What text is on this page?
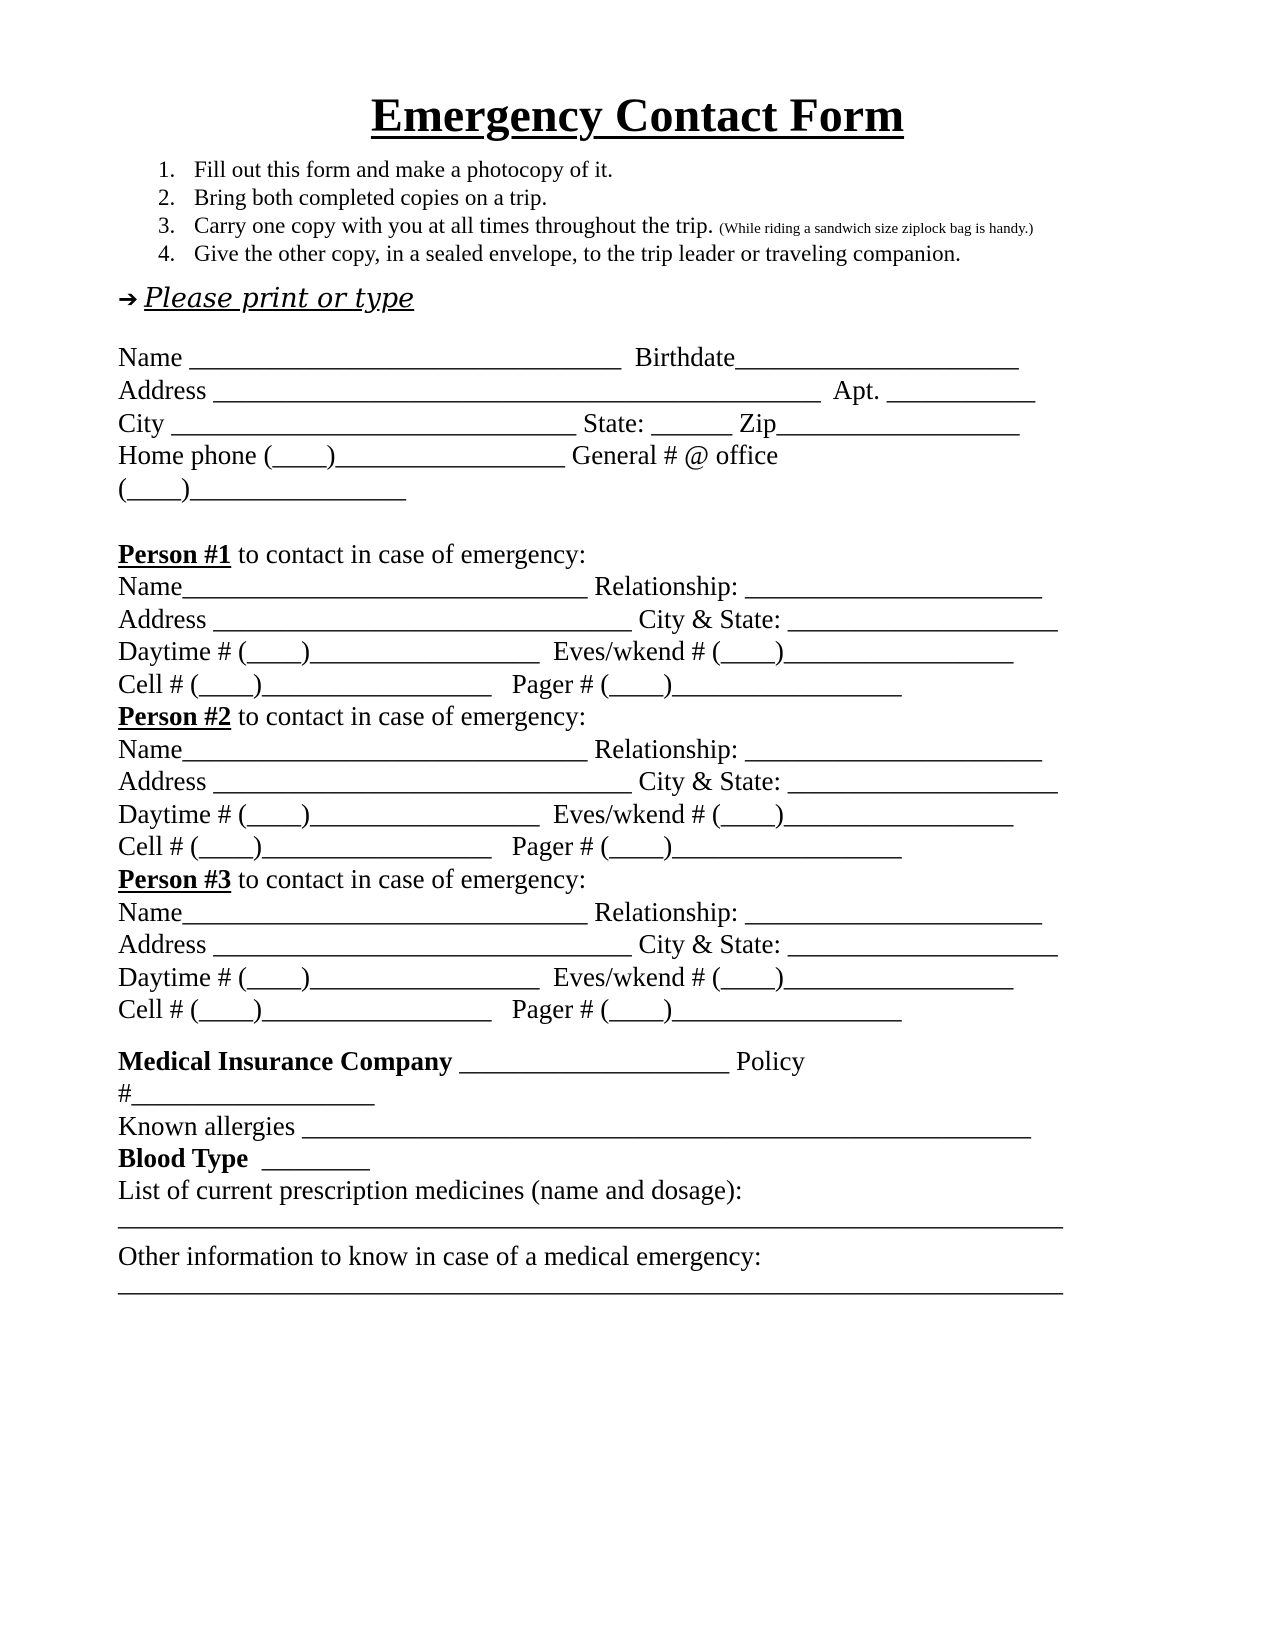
Emergency Contact Form
1. Fill out this form and make a photocopy of it.
2. Bring both completed copies on a trip.
3. Carry one copy with you at all times throughout the trip. (While riding a sandwich size ziplock bag is handy.)
4. Give the other copy, in a sealed envelope, to the trip leader or traveling companion.
➔ Please print or type
Name ________________________________  Birthdate_____________________
Address _____________________________________________  Apt. ___________
City ______________________________ State: ______ Zip__________________
Home phone (____)_________________ General # @ office
(____)________________
Person #1 to contact in case of emergency:
Name______________________________ Relationship: ______________________
Address _______________________________ City & State: ____________________
Daytime # (____)_________________  Eves/wkend # (____)_________________
Cell # (____)_________________   Pager # (____)_________________
Person #2 to contact in case of emergency:
Name______________________________ Relationship: ______________________
Address _______________________________ City & State: ____________________
Daytime # (____)_________________  Eves/wkend # (____)_________________
Cell # (____)_________________   Pager # (____)_________________
Person #3 to contact in case of emergency:
Name______________________________ Relationship: ______________________
Address _______________________________ City & State: ____________________
Daytime # (____)_________________  Eves/wkend # (____)_________________
Cell # (____)_________________   Pager # (____)_________________
Medical Insurance Company ____________________ Policy
#__________________
Known allergies ______________________________________________________
Blood Type  ________
List of current prescription medicines (name and dosage):
______________________________________________________________________
Other information to know in case of a medical emergency:
______________________________________________________________________
